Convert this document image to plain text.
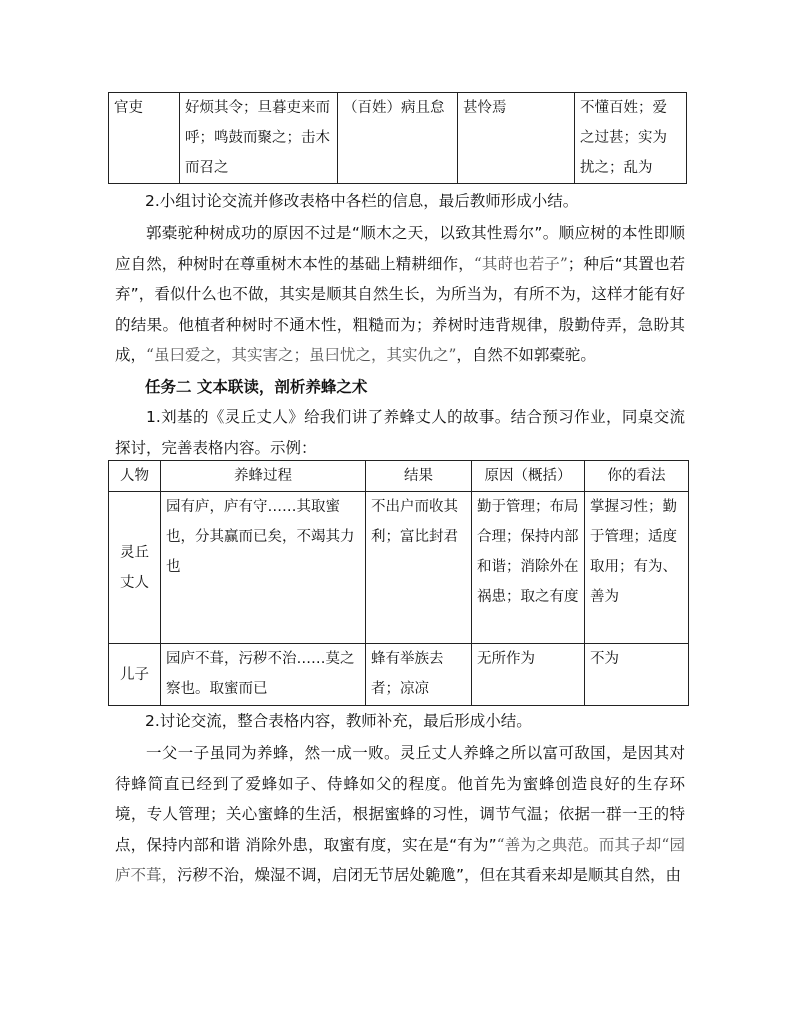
官吏	好烦其令；旦暮吏来而呼；鸣鼓而聚之；击木而召之	（百姓）病且怠	甚怜焉	不懂百姓；爱之过甚；实为扰之；乱为

2.小组讨论交流并修改表格中各栏的信息，最后教师形成小结。

郭橐驼种树成功的原因不过是“顺木之天，以致其性焉尔”。顺应树的本性即顺应自然，种树时在尊重树木本性的基础上精耕细作，“其莳也若子”；种后“其置也若弃”，看似什么也不做，其实是顺其自然生长，为所当为，有所不为，这样才能有好的结果。他植者种树时不通木性，粗糙而为；养树时违背规律，殷勤侍弄，急盼其成，“虽曰爱之，其实害之；虽曰忧之，其实仇之”，自然不如郭橐驼。

任务二 文本联读，剖析养蜂之术

1.刘基的《灵丘丈人》给我们讲了养蜂丈人的故事。结合预习作业，同桌交流探讨，完善表格内容。示例：

人物	养蜂过程	结果	原因（概括）	你的看法
灵丘丈人	园有庐，庐有守……其取蜜也，分其赢而已矣，不竭其力也	不出户而收其利；富比封君	勤于管理；布局合理；保持内部和谐；消除外在祸患；取之有度	掌握习性；勤于管理；适度取用；有为、善为
儿子	园庐不葺，污秽不治……莫之察也。取蜜而已	蜂有举族去者；凉凉	无所作为	不为

2.讨论交流，整合表格内容，教师补充，最后形成小结。

一父一子虽同为养蜂，然一成一败。灵丘丈人养蜂之所以富可敌国，是因其对待蜂简直已经到了爱蜂如子、侍蜂如父的程度。他首先为蜜蜂创造良好的生存环境，专人管理；关心蜜蜂的生活，根据蜜蜂的习性，调节气温；依据一群一王的特点，保持内部和谐 消除外患，取蜜有度，实在是“有为”“善为之典范。而其子却“园庐不葺，污秽不治，燥湿不调，启闭无节居处臲卼”，但在其看来却是顺其自然，由
